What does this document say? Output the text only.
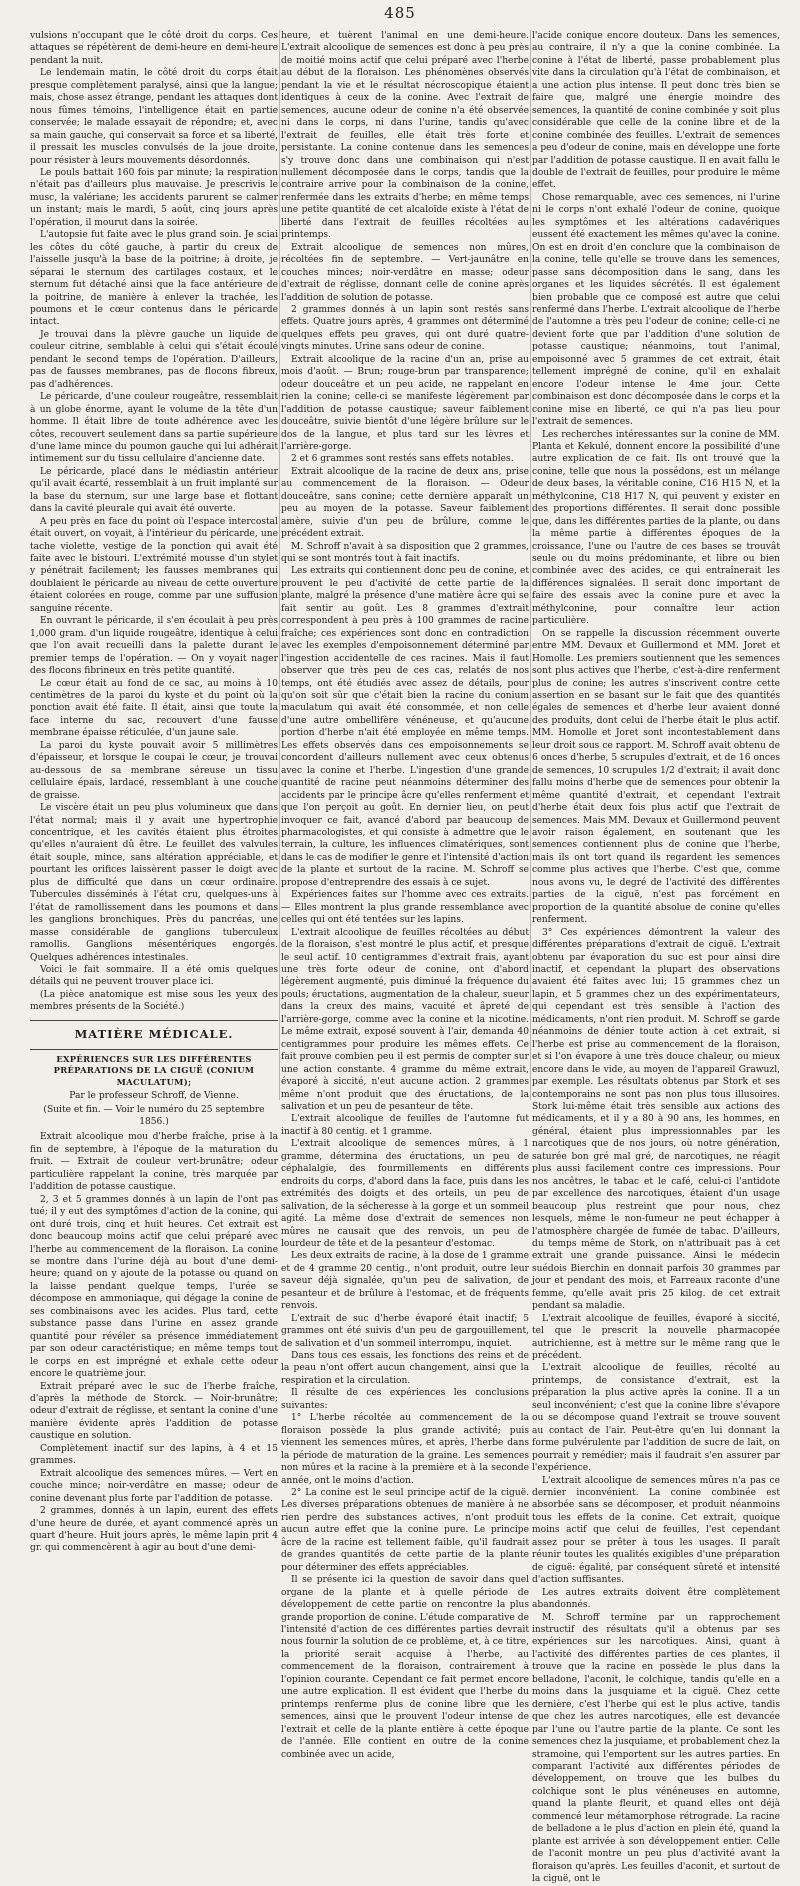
485

vulsions n'occupant que le côté droit du corps. Ces attaques se répétèrent de demi-heure en demi-heure pendant la nuit.

Le lendemain matin, le côté droit du corps était presque complètement paralysé, ainsi que la langue; mais, chose assez étrange, pendant les attaques dont nous fûmes témoins, l'intelligence était en partie conservée; le malade essayait de répondre; et, avec sa main gauche, qui conservait sa force et sa liberté, il pressait les muscles convulsés de la joue droite, pour résister à leurs mouvements désordonnés.

Le pouls battait 160 fois par minute; la respiration n'était pas d'ailleurs plus mauvaise. Je prescrivis le musc, la valériane; les accidents parurent se calmer un instant; mais le mardi, 5 août, cinq jours après l'opération, il mourut dans la soirée.

L'autopsie fut faite avec le plus grand soin. Je sciai les côtes du côté gauche, à partir du creux de l'aisselle jusqu'à la base de la poitrine; à droite, je séparai le sternum des cartilages costaux, et le sternum fut détaché ainsi que la face antérieure de la poitrine, de manière à enlever la trachée, les poumons et le cœur contenus dans le péricarde intact.

Je trouvai dans la plèvre gauche un liquide de couleur citrine, semblable à celui qui s'était écoulé pendant le second temps de l'opération. D'ailleurs, pas de fausses membranes, pas de flocons fibreux, pas d'adhérences.

Le péricarde, d'une couleur rougeâtre, ressemblait à un globe énorme, ayant le volume de la tête d'un homme. Il était libre de toute adhérence avec les côtes, recouvert seulement dans sa partie supérieure d'une lame mince du poumon gauche qui lui adhérait intimement sur du tissu cellulaire d'ancienne date.

Le péricarde, placé dans le médiastin antérieur qu'il avait écarté, ressemblait à un fruit implanté sur la base du sternum, sur une large base et flottant dans la cavité pleurale qui avait été ouverte.

A peu près en face du point où l'espace intercostal était ouvert, on voyait, à l'intérieur du péricarde, une tache violette, vestige de la ponction qui avait été faite avec le bistouri. L'extrémité mousse d'un stylet y pénétrait facilement; les fausses membranes qui doublaient le péricarde au niveau de cette ouverture étaient colorées en rouge, comme par une suffusion sanguine récente.

En ouvrant le péricarde, il s'en écoulait à peu près 1,000 gram. d'un liquide rougeâtre, identique à celui que l'on avait recueilli dans la palette durant le premier temps de l'opération. — On y voyait nager des flocons fibrineux en très petite quantité.

Le cœur était au fond de ce sac, au moins à 10 centimètres de la paroi du kyste et du point où la ponction avait été faite. Il était, ainsi que toute la face interne du sac, recouvert d'une fausse membrane épaisse réticulée, d'un jaune sale.

La paroi du kyste pouvait avoir 5 millimètres d'épaisseur, et lorsque le coupai le cœur, je trouvai au-dessous de sa membrane séreuse un tissu cellulaire épais, lardacé, ressemblant à une couche de graisse.

Le viscère était un peu plus volumineux que dans l'état normal; mais il y avait une hypertrophie concentrique, et les cavités étaient plus étroites qu'elles n'auraient dû être. Le feuillet des valvules était souple, mince, sans altération appréciable, et pourtant les orifices laissèrent passer le doigt avec plus de difficulté que dans un cœur ordinaire. Tubercules disséminés à l'état cru, quelques-uns à l'état de ramollissement dans les poumons et dans les ganglions bronchiques. Près du pancréas, une masse considérable de ganglions tuberculeux ramollis. Ganglions mésentériques engorgés. Quelques adhérences intestinales.

Voici le fait sommaire. Il a été omis quelques détails qui ne peuvent trouver place ici.

(La pièce anatomique est mise sous les yeux des membres présents de la Société.)

MATIÈRE MÉDICALE.
EXPÉRIENCES SUR LES DIFFÉRENTES PRÉPARATIONS DE LA CIGUË (CONIUM MACULATUM);
Par le professeur Schroff, de Vienne.
(Suite et fin. — Voir le numéro du 25 septembre 1856.)

Extrait alcoolique mou d'herbe fraîche, prise à la fin de septembre, à l'époque de la maturation du fruit. — Extrait de couleur vert-brunâtre; odeur particulière rappelant la conine, très marquée par l'addition de potasse caustique.

2, 3 et 5 grammes donnés à un lapin de l'ont pas tué; il y eut des symptômes d'action de la conine, qui ont duré trois, cinq et huit heures. Cet extrait est donc beaucoup moins actif que celui préparé avec l'herbe au commencement de la floraison. La conine se montre dans l'urine déjà au bout d'une demi-heure; quand on y ajoute de la potasse ou quand on la laisse pendant quelque temps, l'urée se décompose en ammoniaque, qui dégage la conine de ses combinaisons avec les acides. Plus tard, cette substance passe dans l'urine en assez grande quantité pour révéler sa présence immédiatement par son odeur caractéristique; en même temps tout le corps en est imprégné et exhale cette odeur encore le quatrième jour.

Extrait préparé avec le suc de l'herbe fraîche, d'après la méthode de Storck. — Noir-brunâtre; odeur d'extrait de réglisse, et sentant la conine d'une manière évidente après l'addition de potasse caustique en solution.

Complètement inactif sur des lapins, à 4 et 15 grammes.

Extrait alcoolique des semences mûres. — Vert en couche mince; noir-verdâtre en masse; odeur de conine devenant plus forte par l'addition de potasse.

2 grammes, donnés à un lapin, eurent des effets d'une heure de durée, et ayant commencé après un quart d'heure. Huit jours après, le même lapin prit 4 gr. qui commencèrent à agir au bout d'une demi-

heure, et tuèrent l'animal en une demi-heure. L'extrait alcoolique de semences est donc à peu près de moitié moins actif que celui préparé avec l'herbe au début de la floraison. Les phénomènes observés pendant la vie et le résultat nécroscopique étaient identiques à ceux de la conine. Avec l'extrait de semences, aucune odeur de conine n'a été observée ni dans le corps, ni dans l'urine, tandis qu'avec l'extrait de feuilles, elle était très forte et persistante. La conine contenue dans les semences s'y trouve donc dans une combinaison qui n'est nullement décomposée dans le corps, tandis que la contraire arrive pour la combinaison de la conine, renfermée dans les extraits d'herbe; en même temps une petite quantité de cet alcaloïde existe à l'état de liberté dans l'extrait de feuilles récoltées au printemps.

Extrait alcoolique de semences non mûres, récoltées fin de septembre. — Vert-jaunâtre en couches minces; noir-verdâtre en masse; odeur d'extrait de réglisse, donnant celle de conine après l'addition de solution de potasse.

2 grammes donnés à un lapin sont restés sans effets. Quatre jours après, 4 grammes ont déterminé quelques effets peu graves, qui ont duré quatre-vingts minutes. Urine sans odeur de conine.

Extrait alcoolique de la racine d'un an, prise au mois d'août. — Brun; rouge-brun par transparence; odeur douceâtre et un peu acide, ne rappelant en rien la conine; celle-ci se manifeste légèrement par l'addition de potasse caustique; saveur faiblement douceâtre, suivie bientôt d'une légère brûlure sur le dos de la langue, et plus tard sur les lèvres et l'arrière-gorge.

2 et 6 grammes sont restés sans effets notables.

Extrait alcoolique de la racine de deux ans, prise au commencement de la floraison. — Odeur douceâtre, sans conine; cette dernière apparaît un peu au moyen de la potasse. Saveur faiblement amère, suivie d'un peu de brûlure, comme le précédent extrait.

M. Schroff n'avait à sa disposition que 2 grammes, qui se sont montrés tout à fait inactifs.

Les extraits qui contiennent donc peu de conine, et prouvent le peu d'activité de cette partie de la plante, malgré la présence d'une matière âcre qui se fait sentir au goût. Les 8 grammes d'extrait correspondent à peu près à 100 grammes de racine fraîche; ces expériences sont donc en contradiction avec les exemples d'empoisonnement déterminé par l'ingestion accidentelle de ces racines. Mais il faut observer que très peu de ces cas, relatés de nos temps, ont été étudiés avec assez de détails, pour qu'on soit sûr que c'était bien la racine du conium maculatum qui avait été consommée, et non celle d'une autre ombellifère vénéneuse, et qu'aucune portion d'herbe n'ait été employée en même temps. Les effets observés dans ces empoisonnements se concordent d'ailleurs nullement avec ceux obtenus avec la conine et l'herbe. L'ingestion d'une grande quantité de racine peut néanmoins déterminer des accidents par le principe âcre qu'elles renferment et que l'on perçoit au goût. En dernier lieu, on peut invoquer ce fait, avancé d'abord par beaucoup de pharmacologistes, et qui consiste à admettre que le terrain, la culture, les influences climatériques, sont dans le cas de modifier le genre et l'intensité d'action de la plante et surtout de la racine. M. Schroff se propose d'entreprendre des essais à ce sujet.

Expériences faites sur l'homme avec ces extraits. — Elles montrent la plus grande ressemblance avec celles qui ont été tentées sur les lapins.

L'extrait alcoolique de feuilles récoltées au début de la floraison, s'est montré le plus actif, et presque le seul actif. 10 centigrammes d'extrait frais, ayant une très forte odeur de conine, ont d'abord légèrement augmenté, puis diminué la fréquence du pouls; éructations, augmentation de la chaleur, sueur dans la creux des mains, vacuité et âpreté de l'arrière-gorge, comme avec la conine et la nicotine. Le même extrait, exposé souvent à l'air, demanda 40 centigrammes pour produire les mêmes effets. Ce fait prouve combien peu il est permis de compter sur une action constante. 4 gramme du même extrait, évaporé à siccité, n'eut aucune action. 2 grammes même n'ont produit que des éructations, de la salivation et un peu de pesanteur de tête.

L'extrait alcoolique de feuilles de l'automne fut inactif à 80 centig. et 1 gramme.

L'extrait alcoolique de semences mûres, à 1 gramme, détermina des éructations, un peu de céphalalgie, des fourmillements en différents endroits du corps, d'abord dans la face, puis dans les extrémités des doigts et des orteils, un peu de salivation, de la sécheresse à la gorge et un sommeil agité. La même dose d'extrait de semences non mûres ne causait que des renvois, un peu de lourdeur de tête et de la pesanteur d'estomac.

Les deux extraits de racine, à la dose de 1 gramme et de 4 gramme 20 centig., n'ont produit, outre leur saveur déjà signalée, qu'un peu de salivation, de pesanteur et de brûlure à l'estomac, et de fréquents renvois.

L'extrait de suc d'herbe évaporé était inactif; 5 grammes ont été suivis d'un peu de gargouillement, de salivation et d'un sommeil interrompu, inquiet.

Dans tous ces essais, les fonctions des reins et de la peau n'ont offert aucun changement, ainsi que la respiration et la circulation.

Il résulte de ces expériences les conclusions suivantes:

1° L'herbe récoltée au commencement de la floraison possède la plus grande activité; puis viennent les semences mûres, et après, l'herbe dans la période de maturation de la graine. Les semences non mûres et la racine à la première et à la seconde année, ont le moins d'action.

2° La conine est le seul principe actif de la ciguë. Les diverses préparations obtenues de manière à ne rien perdre des substances actives, n'ont produit aucun autre effet que la conine pure. Le principe âcre de la racine est tellement faible, qu'il faudrait de grandes quantités de cette partie de la plante pour déterminer des effets appréciables.

Il se présente ici la question de savoir dans quel organe de la plante et à quelle période de développement de cette partie on rencontre la plus grande proportion de conine. L'étude comparative de l'intensité d'action de ces différentes parties devrait nous fournir la solution de ce problème, et, à ce titre, la priorité serait acquise à l'herbe, au commencement de la floraison, contrairement à l'opinion courante. Cependant ce fait permet encore une autre explication. Il est évident que l'herbe du printemps renferme plus de conine libre que les semences, ainsi que le prouvent l'odeur intense de l'extrait et celle de la plante entière à cette époque de l'année. Elle contient en outre de la conine combinée avec un acide,

l'acide conique encore douteux. Dans les semences, au contraire, il n'y a que la conine combinée. La conine à l'état de liberté, passe probablement plus vite dans la circulation qu'à l'état de combinaison, et a une action plus intense. Il peut donc très bien se faire que, malgré une énergie moindre des semences, la quantité de conine combinée y soit plus considérable que celle de la conine libre et de la conine combinée des feuilles. L'extrait de semences a peu d'odeur de conine, mais en développe une forte par l'addition de potasse caustique. Il en avait fallu le double de l'extrait de feuilles, pour produire le même effet.

Chose remarquable, avec ces semences, ni l'urine ni le corps n'ont exhalé l'odeur de conine, quoique les symptômes et les altérations cadavériques eussent été exactement les mêmes qu'avec la conine. On est en droit d'en conclure que la combinaison de la conine, telle qu'elle se trouve dans les semences, passe sans décomposition dans le sang, dans les organes et les liquides sécrétés. Il est également bien probable que ce composé est autre que celui renfermé dans l'herbe. L'extrait alcoolique de l'herbe de l'automne a très peu l'odeur de conine; celle-ci ne devient forte que par l'addition d'une solution de potasse caustique; néanmoins, tout l'animal, empoisonné avec 5 grammes de cet extrait, était tellement imprégné de conine, qu'il en exhalait encore l'odeur intense le 4me jour. Cette combinaison est donc décomposée dans le corps et la conine mise en liberté, ce qui n'a pas lieu pour l'extrait de semences.

Les recherches intéressantes sur la conine de MM. Planta et Kekulé, donnent encore la possibilité d'une autre explication de ce fait. Ils ont trouvé que la conine, telle que nous la possédons, est un mélange de deux bases, la véritable conine, C16 H15 N, et la méthylconine, C18 H17 N, qui peuvent y exister en des proportions différentes. Il serait donc possible que, dans les différentes parties de la plante, ou dans la même partie à différentes époques de la croissance, l'une ou l'autre de ces bases se trouvât seule ou du moins prédominante, et libre ou bien combinée avec des acides, ce qui entraînerait les différences signalées. Il serait donc important de faire des essais avec la conine pure et avec la méthylconine, pour connaître leur action particulière.

On se rappelle la discussion récemment ouverte entre MM. Devaux et Guillermond et MM. Joret et Homolle. Les premiers soutiennent que les semences sont plus actives que l'herbe, c'est-à-dire renferment plus de conine; les autres s'inscrivent contre cette assertion en se basant sur le fait que des quantités égales de semences et d'herbe leur avaient donné des produits, dont celui de l'herbe était le plus actif. MM. Homolle et Joret sont incontestablement dans leur droit sous ce rapport. M. Schroff avait obtenu de 6 onces d'herbe, 5 scrupules d'extrait, et de 16 onces de semences, 10 scrupules 1/2 d'extrait; il avait donc fallu moins d'herbe que de semences pour obtenir la même quantité d'extrait, et cependant l'extrait d'herbe était deux fois plus actif que l'extrait de semences. Mais MM. Devaux et Guillermond peuvent avoir raison également, en soutenant que les semences contiennent plus de conine que l'herbe, mais ils ont tort quand ils regardent les semences comme plus actives que l'herbe. C'est que, comme nous avons vu, le degré de l'activité des différentes parties de la ciguë, n'est pas forcément en proportion de la quantité absolue de conine qu'elles renferment.

3° Ces expériences démontrent la valeur des différentes préparations d'extrait de ciguë. L'extrait obtenu par évaporation du suc est pour ainsi dire inactif, et cependant la plupart des observations avaient été faites avec lui; 15 grammes chez un lapin, et 5 grammes chez un des expérimentateurs, qui cependant est très sensible à l'action des médicaments, n'ont rien produit. M. Schroff se garde néanmoins de dénier toute action à cet extrait, si l'herbe est prise au commencement de la floraison, et si l'on évapore à une très douce chaleur, ou mieux encore dans le vide, au moyen de l'appareil Grawuzl, par exemple. Les résultats obtenus par Stork et ses contemporains ne sont pas non plus tous illusoires. Stork lui-même était très sensible aux actions des médicaments, et il y a 80 à 90 ans, les hommes, en général, étaient plus impressionnables par les narcotiques que de nos jours, où notre génération, saturée bon gré mal gré, de narcotiques, ne réagit plus aussi facilement contre ces impressions. Pour nos ancêtres, le tabac et le café, celui-ci l'antidote par excellence des narcotiques, étaient d'un usage beaucoup plus restreint que pour nous, chez lesquels, même le non-fumeur ne peut échapper à l'atmosphère chargée de fumée de tabac. D'ailleurs, du temps même de Stork, on n'attribuait pas à cet extrait une grande puissance. Ainsi le médecin suédois Bierchin en donnait parfois 30 grammes par jour et pendant des mois, et Farreaux raconte d'une femme, qu'elle avait pris 25 kilog. de cet extrait pendant sa maladie.

L'extrait alcoolique de feuilles, évaporé à siccité, tel que le prescrit la nouvelle pharmacopée autrichienne, est à mettre sur le même rang que le précédent.

L'extrait alcoolique de feuilles, récolté au printemps, de consistance d'extrait, est la préparation la plus active après la conine. Il a un seul inconvénient; c'est que la conine libre s'évapore ou se décompose quand l'extrait se trouve souvent au contact de l'air. Peut-être qu'en lui donnant la forme pulvérulente par l'addition de sucre de lait, on pourrait y remédier; mais il faudrait s'en assurer par l'expérience.

L'extrait alcoolique de semences mûres n'a pas ce dernier inconvénient. La conine combinée est absorbée sans se décomposer, et produit néanmoins tous les effets de la conine. Cet extrait, quoique moins actif que celui de feuilles, l'est cependant assez pour se prêter à tous les usages. Il paraît réunir toutes les qualités exigibles d'une préparation de ciguë: égalité, par conséquent sûreté et intensité d'action suffisantes.

Les autres extraits doivent être complètement abandonnés.

M. Schroff termine par un rapprochement instructif des résultats qu'il a obtenus par ses expériences sur les narcotiques. Ainsi, quant à l'activité des différentes parties de ces plantes, il trouve que la racine en possède le plus dans la belladone, l'aconit, le colchique, tandis qu'elle en a moins dans la jusquiame et la ciguë. Chez cette dernière, c'est l'herbe qui est le plus active, tandis que chez les autres narcotiques, elle est devancée par l'une ou l'autre partie de la plante. Ce sont les semences chez la jusquiame, et probablement chez la stramoine, qui l'emportent sur les autres parties. En comparant l'activité aux différentes périodes de développement, on trouve que les bulbes du colchique sont le plus vénéneuses en automne, quand la plante fleurit, et quand elles ont déjà commencé leur métamorphose rétrograde. La racine de belladone a le plus d'action en plein été, quand la plante est arrivée à son développement entier. Celle de l'aconit montre un peu plus d'activité avant la floraison qu'après. Les feuilles d'aconit, et surtout de la ciguë, ont le
